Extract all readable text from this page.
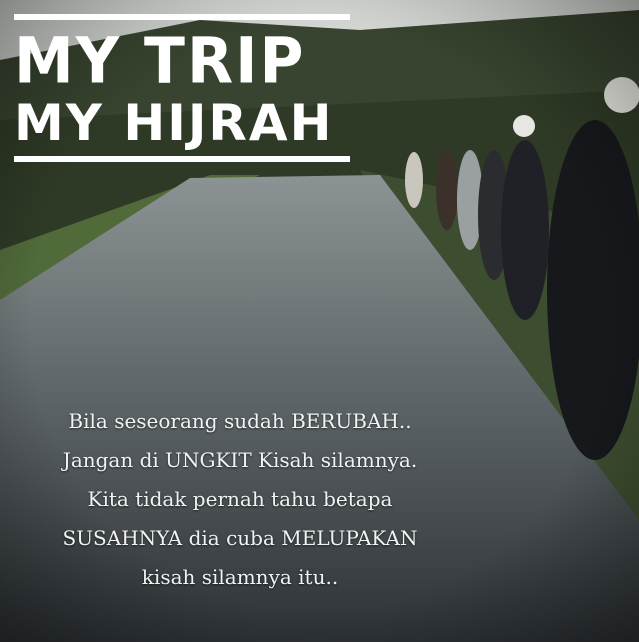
MY TRIP
MY HIJRAH
Bila seseorang sudah BERUBAH..
Jangan di UNGKIT Kisah silamnya.
Kita tidak pernah tahu betapa
SUSAHNYA dia cuba MELUPAKAN
kisah silamnya itu..
